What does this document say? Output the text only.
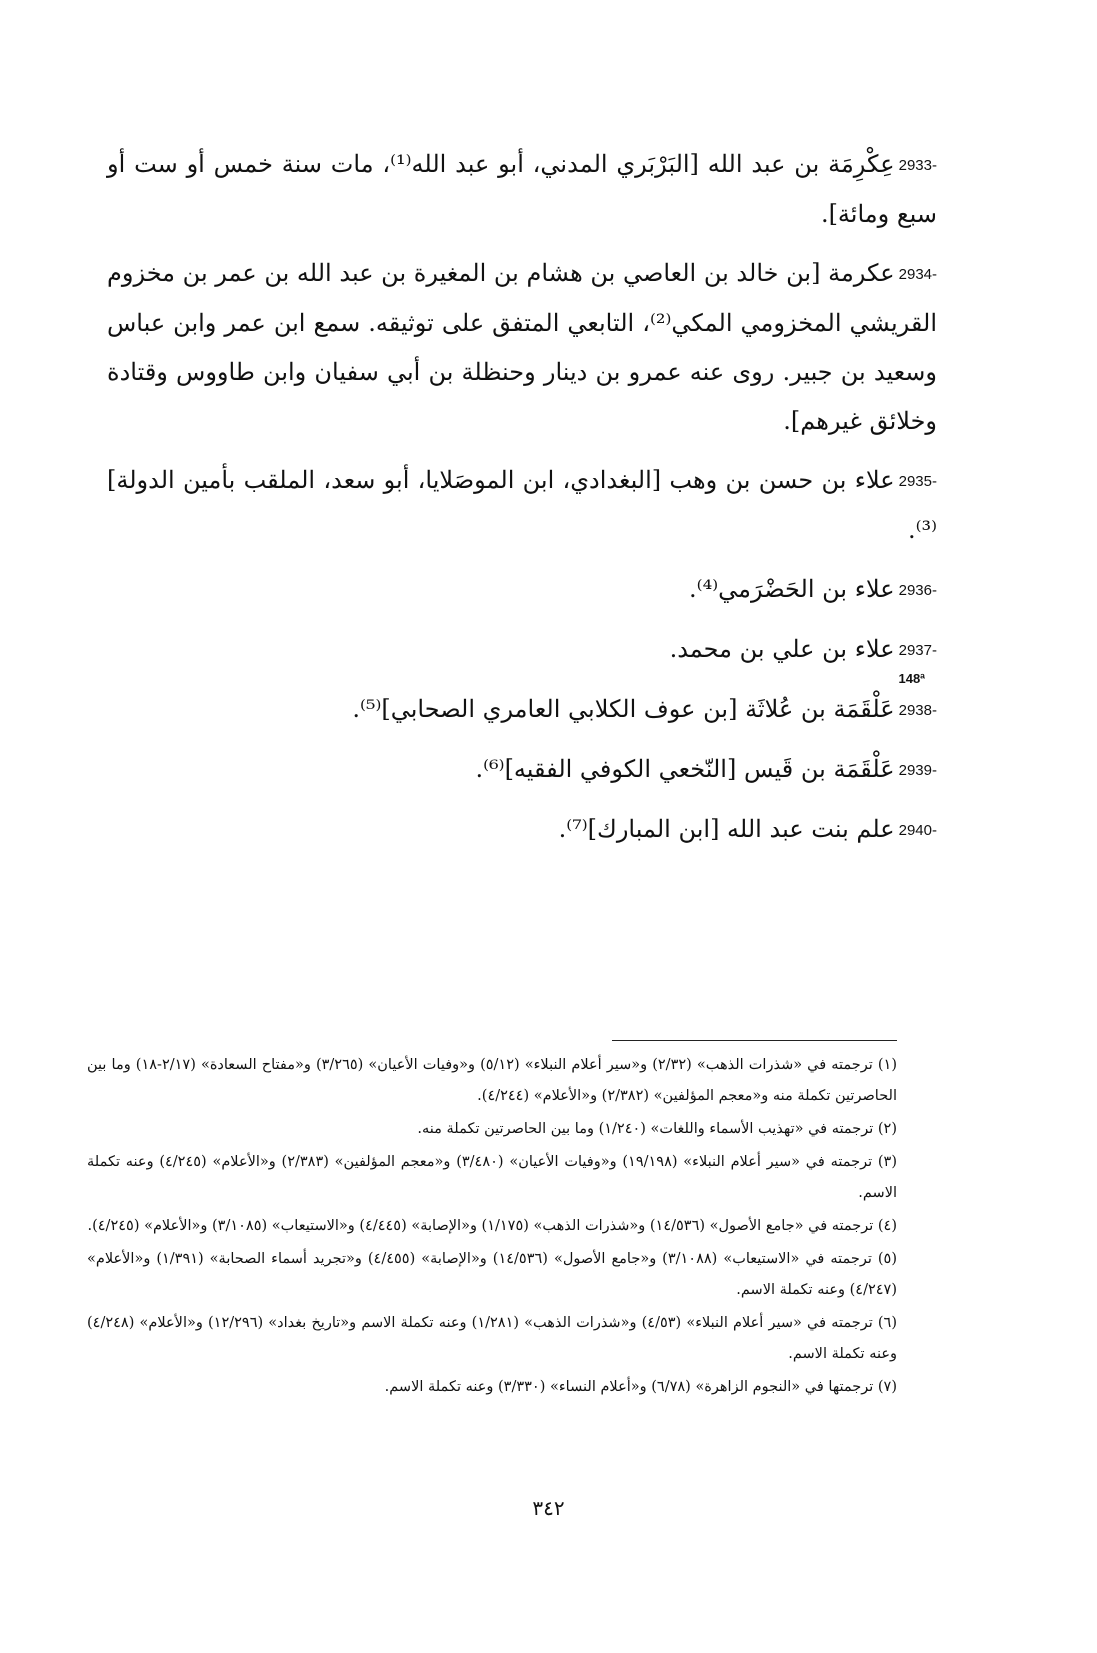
2933-عِكْرِمَة بن عبد الله [البَرْبَري المدني، أبو عبد الله⁽¹⁾، مات سنة خمس أو ست أو سبع ومائة].

2934-عكرمة [بن خالد بن العاصي بن هشام بن المغيرة بن عبد الله بن عمر بن مخزوم القريشي المخزومي المكي⁽²⁾، التابعي المتفق على توثيقه. سمع ابن عمر وابن عباس وسعيد بن جبير. روى عنه عمرو بن دينار وحنظلة بن أبي سفيان وابن طاووس وقتادة وخلائق غيرهم].

2935-علاء بن حسن بن وهب [البغدادي، ابن الموصَلايا، أبو سعد، الملقب بأمين الدولة]⁽³⁾.

2936-علاء بن الحَضْرَمي⁽⁴⁾.

2937-علاء بن علي بن محمد.

2938-عَلْقَمَة بن عُلاثَة [بن عوف الكلابي العامري الصحابي]⁽⁵⁾.

2939-عَلْقَمَة بن قَيس [النّخعي الكوفي الفقيه]⁽⁶⁾.

2940-علم بنت عبد الله [ابن المبارك]⁽⁷⁾.

148ª

(١) ترجمته في «شذرات الذهب» (٢/٣٢) و«سير أعلام النبلاء» (٥/١٢) و«وفيات الأعيان» (٣/٢٦٥) و«مفتاح السعادة» (٢/١٧-١٨) وما بين الحاصرتين تكملة منه و«معجم المؤلفين» (٢/٣٨٢) و«الأعلام» (٤/٢٤٤).

(٢) ترجمته في «تهذيب الأسماء واللغات» (١/٢٤٠) وما بين الحاصرتين تكملة منه.

(٣) ترجمته في «سير أعلام النبلاء» (١٩/١٩٨) و«وفيات الأعيان» (٣/٤٨٠) و«معجم المؤلفين» (٢/٣٨٣) و«الأعلام» (٤/٢٤٥) وعنه تكملة الاسم.

(٤) ترجمته في «جامع الأصول» (١٤/٥٣٦) و«شذرات الذهب» (١/١٧٥) و«الإصابة» (٤/٤٤٥) و«الاستيعاب» (٣/١٠٨٥) و«الأعلام» (٤/٢٤٥).

(٥) ترجمته في «الاستيعاب» (٣/١٠٨٨) و«جامع الأصول» (١٤/٥٣٦) و«الإصابة» (٤/٤٥٥) و«تجريد أسماء الصحابة» (١/٣٩١) و«الأعلام» (٤/٢٤٧) وعنه تكملة الاسم.

(٦) ترجمته في «سير أعلام النبلاء» (٤/٥٣) و«شذرات الذهب» (١/٢٨١) وعنه تكملة الاسم و«تاريخ بغداد» (١٢/٢٩٦) و«الأعلام» (٤/٢٤٨) وعنه تكملة الاسم.

(٧) ترجمتها في «النجوم الزاهرة» (٦/٧٨) و«أعلام النساء» (٣/٣٣٠) وعنه تكملة الاسم.

٣٤٢
